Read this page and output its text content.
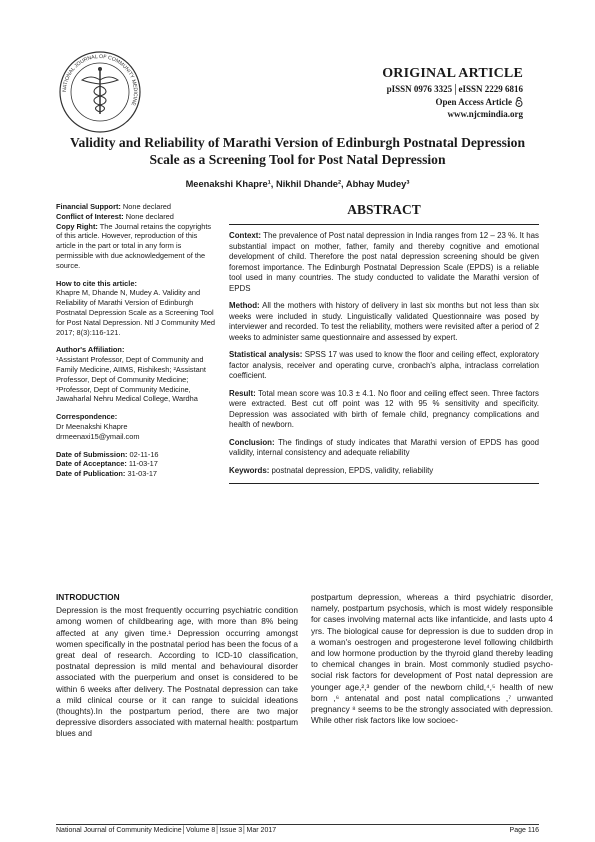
NATIONAL JOURNAL OF COMMUNITY MEDICINE
ORIGINAL ARTICLE
pISSN 0976 3325│eISSN 2229 6816
Open Access Article
www.njcmindia.org
Validity and Reliability of Marathi Version of Edinburgh Postnatal Depression Scale as a Screening Tool for Post Natal Depression
Meenakshi Khapre¹, Nikhil Dhande², Abhay Mudey³

Financial Support: None declared
Conflict of Interest: None declared
Copy Right: The Journal retains the copyrights of this article. However, reproduction of this article in the part or total in any form is permissible with due acknowledgement of the source.

How to cite this article:
Khapre M, Dhande N, Mudey A. Validity and Reliability of Marathi Version of Edinburgh Postnatal Depression Scale as a Screening Tool for Post Natal Depression. Ntl J Community Med 2017; 8(3):116-121.

Author's Affiliation:
¹Assistant Professor, Dept of Community and Family Medicine, AIIMS, Rishikesh; ²Assistant Professor, Dept of Community Medicine; ³Professor, Dept of Community Medicine, Jawaharlal Nehru Medical College, Wardha

Correspondence:
Dr Meenakshi Khapre
drmeenaxi15@ymail.com

Date of Submission: 02-11-16
Date of Acceptance: 11-03-17
Date of Publication: 31-03-17

ABSTRACT

Context: The prevalence of Post natal depression in India ranges from 12 – 23 %. It has substantial impact on mother, father, family and thereby cognitive and emotional development of child. Therefore the post natal depression screening should be given foremost importance. The Edinburgh Postnatal Depression Scale (EPDS) is a reliable tool used in many countries. The study conducted to validate the Marathi version of EPDS

Method: All the mothers with history of delivery in last six months but not less than six weeks were included in study. Linguistically validated Questionnaire was posed by interviewer and recorded. To test the reliability, mothers were revisited after a period of 2 weeks to administer same questionnaire and assessed by expert.

Statistical analysis: SPSS 17 was used to know the floor and ceiling effect, exploratory factor analysis, receiver and operating curve, cronbach's alpha, intraclass correlation coefficient.

Result: Total mean score was 10.3 ± 4.1. No floor and ceiling effect seen. Three factors were extracted. Best cut off point was 12 with 95 % sensitivity and specificity. Depression was associated with birth of female child, pregnancy complications and health of newborn.

Conclusion: The findings of study indicates that Marathi version of EPDS has good validity, internal consistency and adequate reliability

Keywords: postnatal depression, EPDS, validity, reliability

INTRODUCTION
Depression is the most frequently occurring psychiatric condition among women of childbearing age, with more than 8% being affected at any given time.¹ Depression occurring amongst women specifically in the postnatal period has been the focus of a great deal of research. According to ICD-10 classification, postnatal depression is mild mental and behavioural disorder associated with the puerperium and onset is considered to be within 6 weeks after delivery. The Postnatal depression can take a mild clinical course or it can range to suicidal ideations (thoughts).In the postpartum period, there are two major depressive disorders associated with maternal health: postpartum blues and
postpartum depression, whereas a third psychiatric disorder, namely, postpartum psychosis, which is most widely responsible for cases involving maternal acts like infanticide, and lasts upto 4 yrs. The biological cause for depression is due to sudden drop in a woman's oestrogen and progesterone level following childbirth and low hormone production by the thyroid gland thereby leading to chemical changes in brain. Most commonly studied psycho-social risk factors for development of Post natal depression are younger age,²,³ gender of the newborn child,⁴,⁵ health of new born ,⁶ antenatal and post natal complications ,⁷ unwanted pregnancy ⁸ seems to be the strongly associated with depression. While other risk factors like low socioec-
National Journal of Community Medicine│Volume 8│Issue 3│Mar 2017	Page 116
